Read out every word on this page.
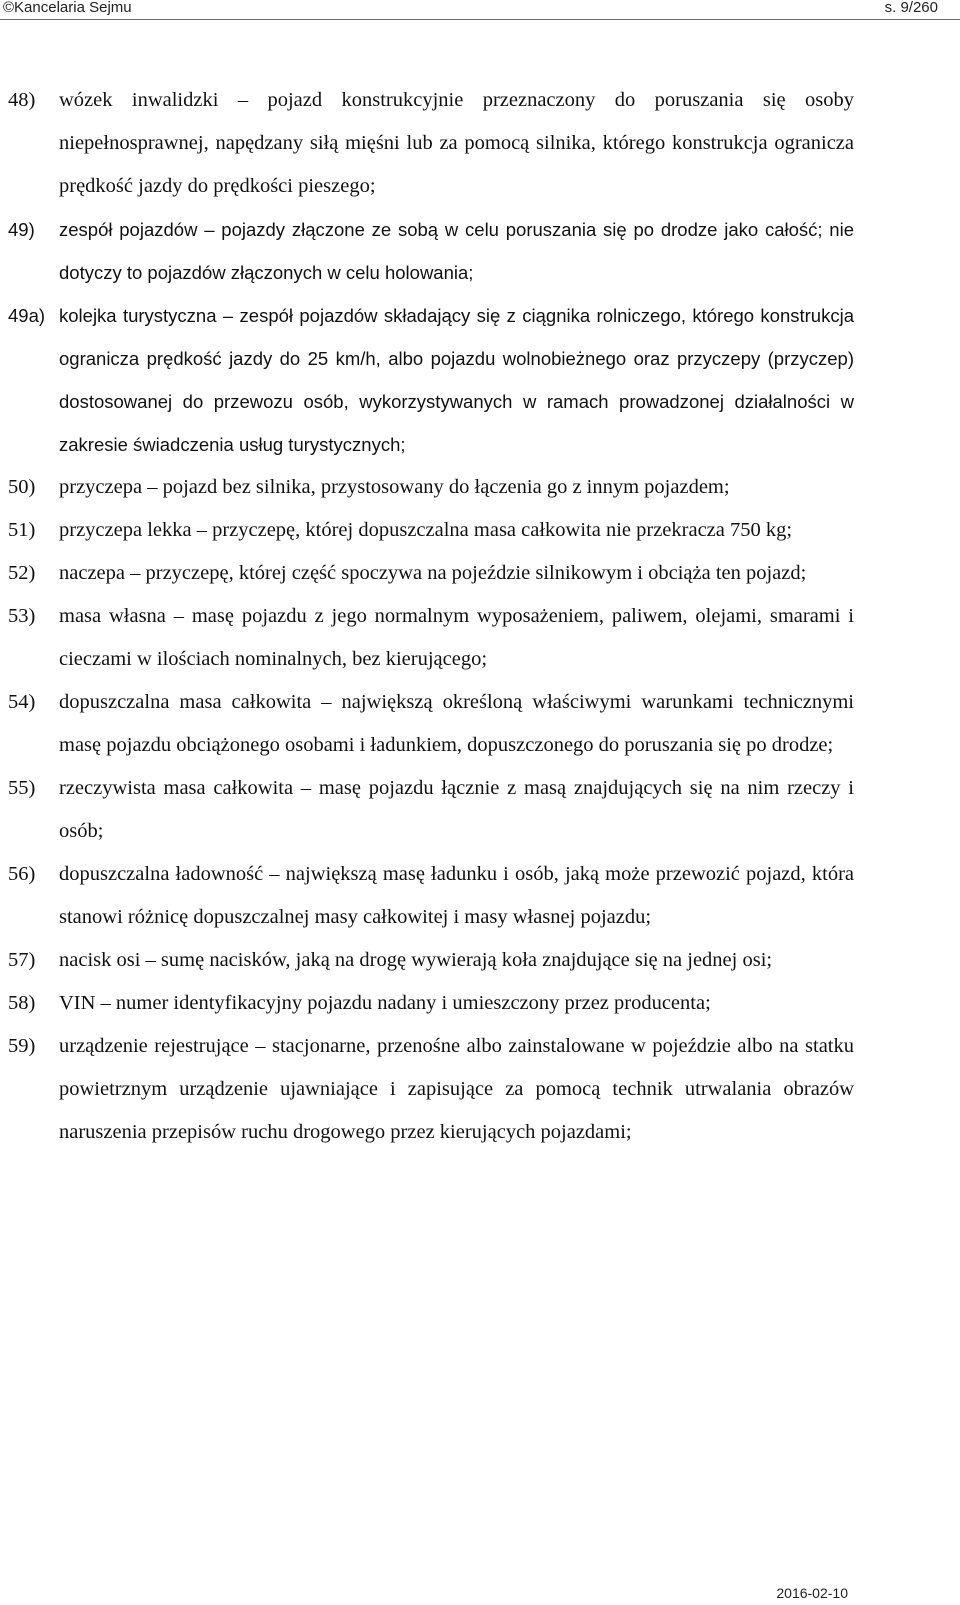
©Kancelaria Sejmu	s. 9/260
48) wózek inwalidzki – pojazd konstrukcyjnie przeznaczony do poruszania się osoby niepełnosprawnej, napędzany siłą mięśni lub za pomocą silnika, którego konstrukcja ogranicza prędkość jazdy do prędkości pieszego;
49) zespół pojazdów – pojazdy złączone ze sobą w celu poruszania się po drodze jako całość; nie dotyczy to pojazdów złączonych w celu holowania;
49a) kolejka turystyczna – zespół pojazdów składający się z ciągnika rolniczego, którego konstrukcja ogranicza prędkość jazdy do 25 km/h, albo pojazdu wolnobieżnego oraz przyczepy (przyczep) dostosowanej do przewozu osób, wykorzystywanych w ramach prowadzonej działalności w zakresie świadczenia usług turystycznych;
50) przyczepa – pojazd bez silnika, przystosowany do łączenia go z innym pojazdem;
51) przyczepa lekka – przyczepę, której dopuszczalna masa całkowita nie przekracza 750 kg;
52) naczepa – przyczepę, której część spoczywa na pojeździe silnikowym i obciąża ten pojazd;
53) masa własna – masę pojazdu z jego normalnym wyposażeniem, paliwem, olejami, smarami i cieczami w ilościach nominalnych, bez kierującego;
54) dopuszczalna masa całkowita – największą określoną właściwymi warunkami technicznymi masę pojazdu obciążonego osobami i ładunkiem, dopuszczonego do poruszania się po drodze;
55) rzeczywista masa całkowita – masę pojazdu łącznie z masą znajdujących się na nim rzeczy i osób;
56) dopuszczalna ładowność – największą masę ładunku i osób, jaką może przewozić pojazd, która stanowi różnicę dopuszczalnej masy całkowitej i masy własnej pojazdu;
57) nacisk osi – sumę nacisków, jaką na drogę wywierają koła znajdujące się na jednej osi;
58) VIN – numer identyfikacyjny pojazdu nadany i umieszczony przez producenta;
59) urządzenie rejestrujące – stacjonarne, przenośne albo zainstalowane w pojeździe albo na statku powietrznym urządzenie ujawniające i zapisujące za pomocą technik utrwalania obrazów naruszenia przepisów ruchu drogowego przez kierujących pojazdami;
2016-02-10
